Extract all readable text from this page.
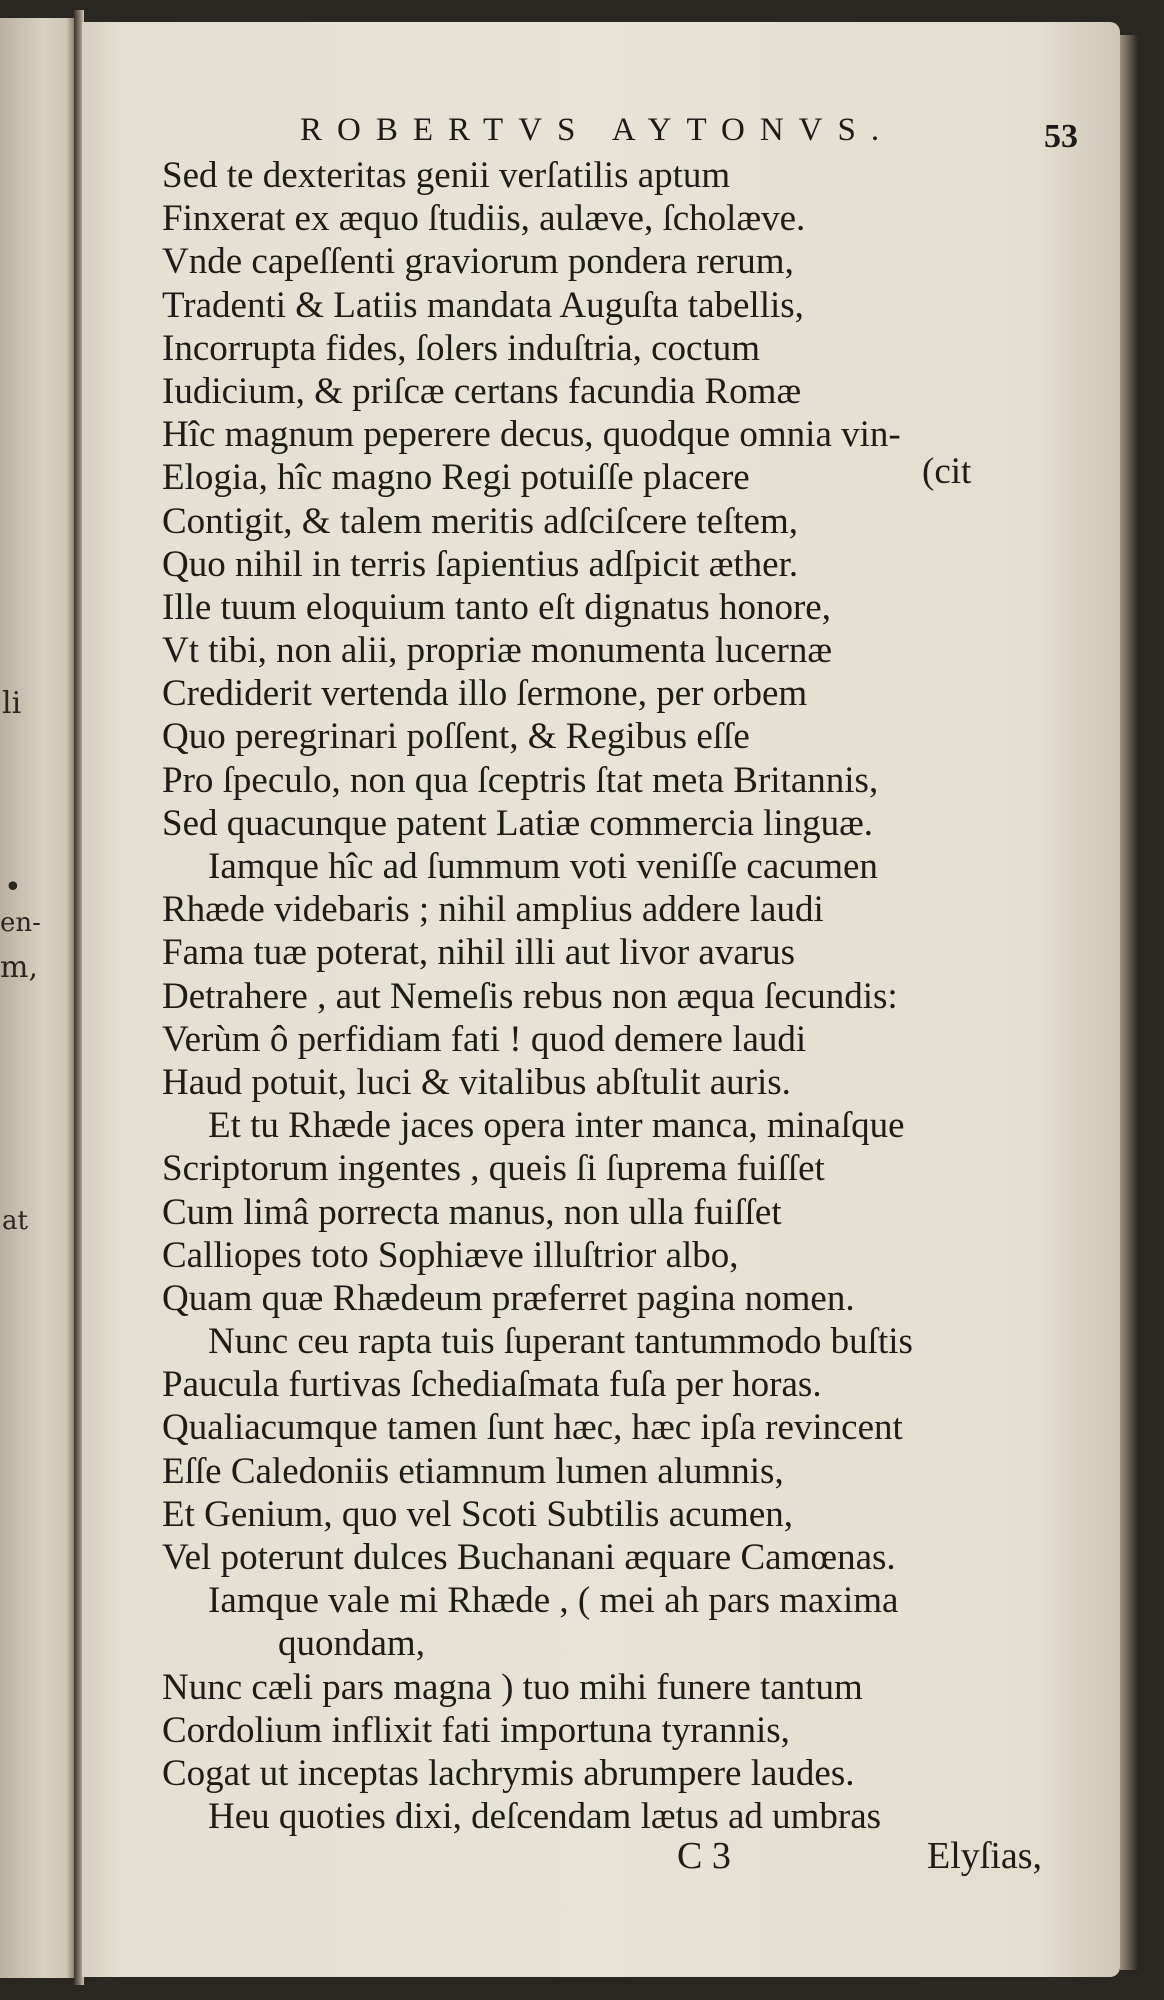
li
•
en-
m,
at
ROBERTVS AYTONVS.	53
Sed te dexteritas genii verſatilis aptum
Finxerat ex æquo ſtudiis, aulæve, ſcholæve.
Vnde capeſſenti graviorum pondera rerum,
Tradenti & Latiis mandata Auguſta tabellis,
Incorrupta fides, ſolers induſtria, coctum
Iudicium, & priſcæ certans facundia Romæ
Hîc magnum peperere decus, quodque omnia vin-
Elogia, hîc magno Regi potuiſſe placere
Contigit, & talem meritis adſciſcere teſtem,
Quo nihil in terris ſapientius adſpicit æther.
Ille tuum eloquium tanto eſt dignatus honore,
Vt tibi, non alii, propriæ monumenta lucernæ
Crediderit vertenda illo ſermone, per orbem
Quo peregrinari poſſent, & Regibus eſſe
Pro ſpeculo, non qua ſceptris ſtat meta Britannis,
Sed quacunque patent Latiæ commercia linguæ.
Iamque hîc ad ſummum voti veniſſe cacumen
Rhæde videbaris ; nihil amplius addere laudi
Fama tuæ poterat, nihil illi aut livor avarus
Detrahere , aut Nemeſis rebus non æqua ſecundis:
Verùm ô perfidiam fati ! quod demere laudi
Haud potuit, luci & vitalibus abſtulit auris.
Et tu Rhæde jaces opera inter manca, minaſque
Scriptorum ingentes , queis ſi ſuprema fuiſſet
Cum limâ porrecta manus, non ulla fuiſſet
Calliopes toto Sophiæve illuſtrior albo,
Quam quæ Rhædeum præferret pagina nomen.
Nunc ceu rapta tuis ſuperant tantummodo buſtis
Paucula furtivas ſchediaſmata fuſa per horas.
Qualiacumque tamen ſunt hæc, hæc ipſa revincent
Eſſe Caledoniis etiamnum lumen alumnis,
Et Genium, quo vel Scoti Subtilis acumen,
Vel poterunt dulces Buchanani æquare Camœnas.
Iamque vale mi Rhæde , ( mei ah pars maxima
quondam,
Nunc cæli pars magna ) tuo mihi funere tantum
Cordolium inflixit fati importuna tyrannis,
Cogat ut inceptas lachrymis abrumpere laudes.
Heu quoties dixi, deſcendam lætus ad umbras
(cit
C 3	Elyſias,
